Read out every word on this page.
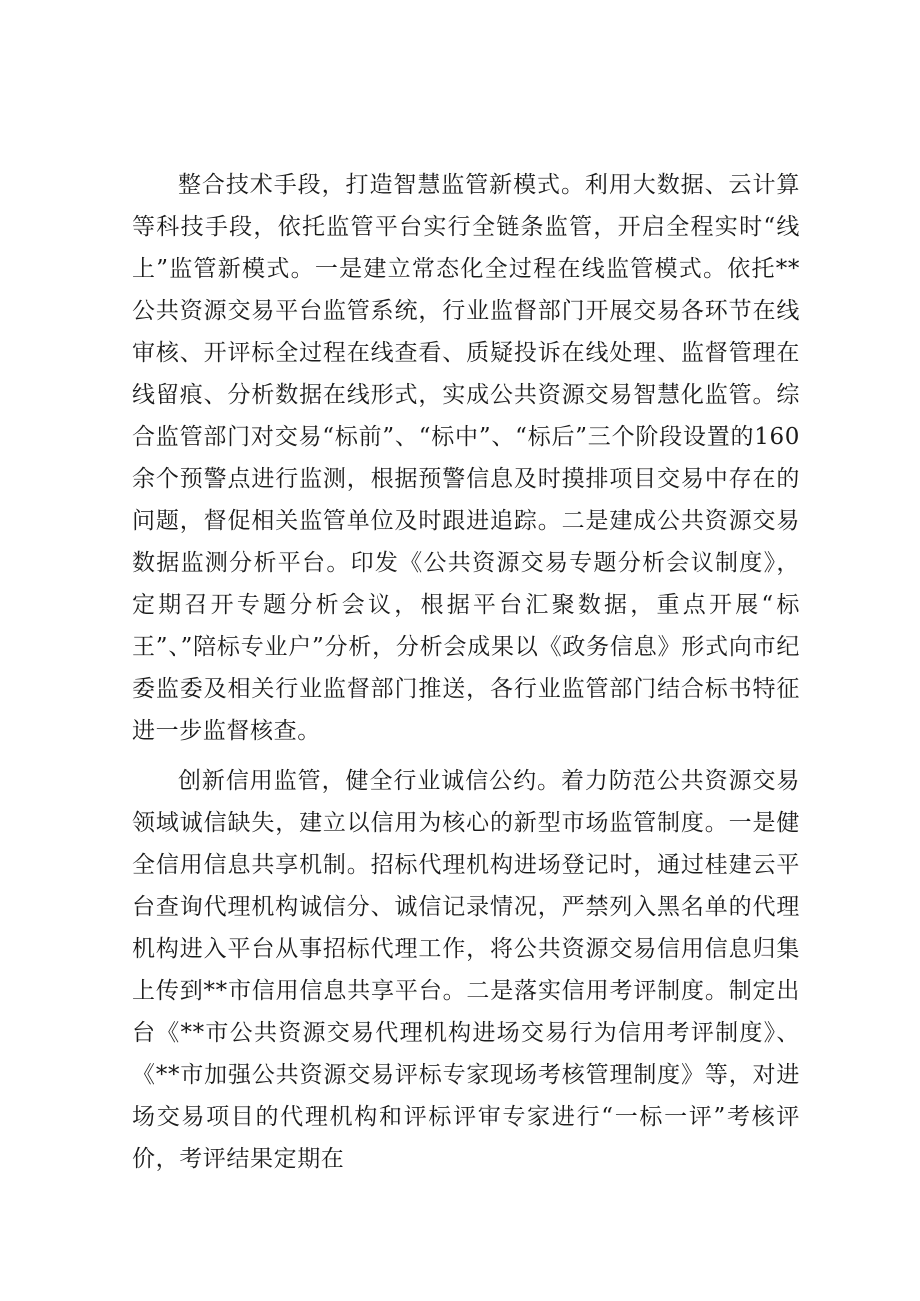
整合技术手段，打造智慧监管新模式。利用大数据、云计算等科技手段，依托监管平台实行全链条监管，开启全程实时“线上”监管新模式。一是建立常态化全过程在线监管模式。依托**公共资源交易平台监管系统，行业监督部门开展交易各环节在线审核、开评标全过程在线查看、质疑投诉在线处理、监督管理在线留痕、分析数据在线形式，实成公共资源交易智慧化监管。综合监管部门对交易“标前”、“标中”、“标后”三个阶段设置的160余个预警点进行监测，根据预警信息及时摸排项目交易中存在的问题，督促相关监管单位及时跟进追踪。二是建成公共资源交易数据监测分析平台。印发《公共资源交易专题分析会议制度》，定期召开专题分析会议，根据平台汇聚数据，重点开展“标王”、”陪标专业户”分析，分析会成果以《政务信息》形式向市纪委监委及相关行业监督部门推送，各行业监管部门结合标书特征进一步监督核查。

创新信用监管，健全行业诚信公约。着力防范公共资源交易领域诚信缺失，建立以信用为核心的新型市场监管制度。一是健全信用信息共享机制。招标代理机构进场登记时，通过桂建云平台查询代理机构诚信分、诚信记录情况，严禁列入黑名单的代理机构进入平台从事招标代理工作，将公共资源交易信用信息归集上传到**市信用信息共享平台。二是落实信用考评制度。制定出台《**市公共资源交易代理机构进场交易行为信用考评制度》、《**市加强公共资源交易评标专家现场考核管理制度》等，对进场交易项目的代理机构和评标评审专家进行“一标一评”考核评价，考评结果定期在
